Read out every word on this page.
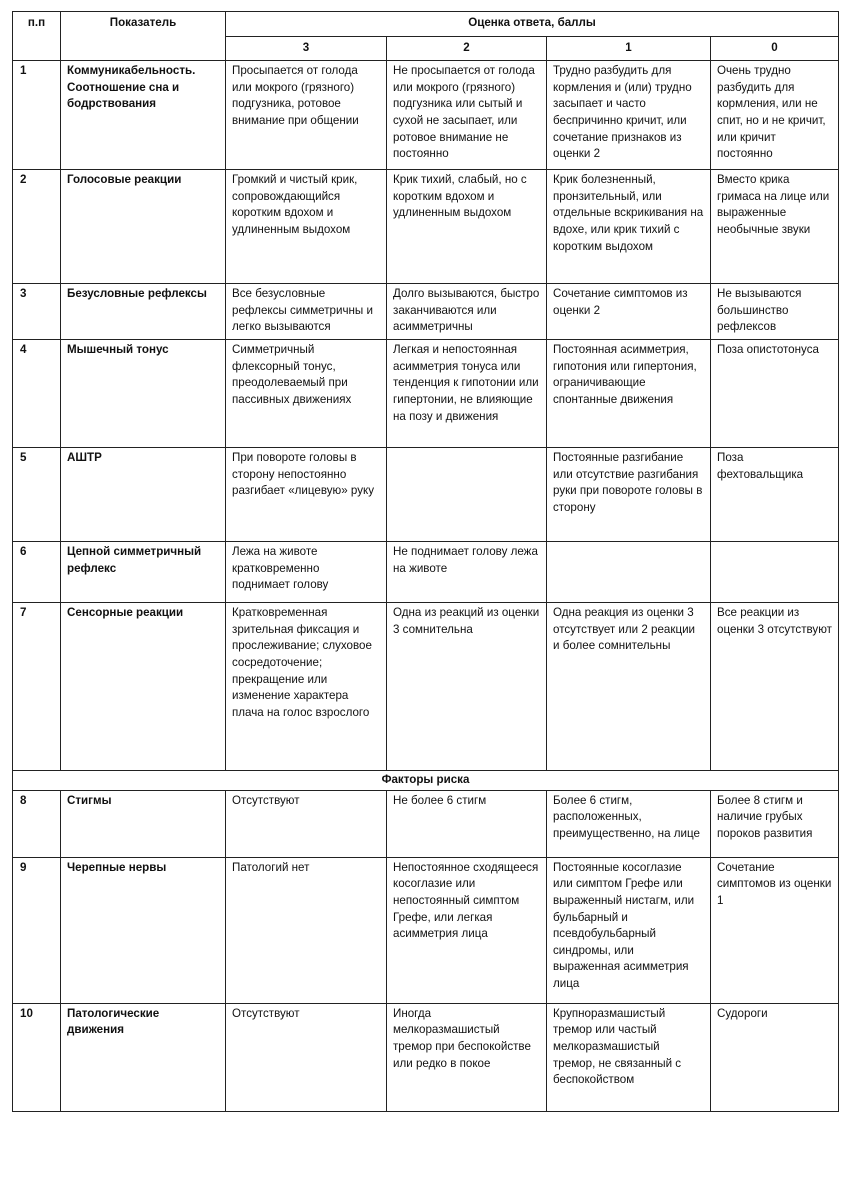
п.п	Показатель	Оценка ответа, баллы			
		3	2	1	0
1	Коммуникабельность. Соотношение сна и бодрствования	Просыпается от голода или мокрого (грязного) подгузника, ротовое внимание при общении	Не просыпается от голода или мокрого (грязного) подгузника или сытый и сухой не засыпает, или ротовое внимание не постоянно	Трудно разбудить для кормления и (или) трудно засыпает и часто беспричинно кричит, или сочетание признаков из оценки 2	Очень трудно разбудить для кормления, или не спит, но и не кричит, или кричит постоянно
2	Голосовые реакции	Громкий и чистый крик, сопровождающийся коротким вдохом и удлиненным выдохом	Крик тихий, слабый, но с коротким вдохом и удлиненным выдохом	Крик болезненный, пронзительный, или отдельные вскрикивания на вдохе, или крик тихий с коротким выдохом	Вместо крика гримаса на лице или выраженные необычные звуки
3	Безусловные рефлексы	Все безусловные рефлексы симметричны и легко вызываются	Долго вызываются, быстро заканчиваются или асимметричны	Сочетание симптомов из оценки 2	Не вызываются большинство рефлексов
4	Мышечный тонус	Симметричный флексорный тонус, преодолеваемый при пассивных движениях	Легкая и непостоянная асимметрия тонуса или тенденция к гипотонии или гипертонии, не влияющие на позу и движения	Постоянная асимметрия, гипотония или гипертония, ограничивающие спонтанные движения	Поза опистотонуса
5	АШТР	При повороте головы в сторону непостоянно разгибает «лицевую» руку		Постоянные разгибание или отсутствие разгибания руки при повороте головы в сторону	Поза фехтовальщика
6	Цепной симметричный рефлекс	Лежа на животе кратковременно поднимает голову	Не поднимает голову лежа на животе		
7	Сенсорные реакции	Кратковременная зрительная фиксация и прослеживание; слуховое сосредоточение; прекращение или изменение характера плача на голос взрослого	Одна из реакций из оценки 3 сомнительна	Одна реакция из оценки 3 отсутствует или 2 реакции и более сомнительны	Все реакции из оценки 3 отсутствуют
Факторы риска					
8	Стигмы	Отсутствуют	Не более 6 стигм	Более 6 стигм, расположенных, преимущественно, на лице	Более 8 стигм и наличие грубых пороков развития
9	Черепные нервы	Патологий нет	Непостоянное сходящееся косоглазие или непостоянный симптом Грефе, или легкая асимметрия лица	Постоянные косоглазие или симптом Грефе или выраженный нистагм, или бульбарный и псевдобульбарный синдромы, или выраженная асимметрия лица	Сочетание симптомов из оценки 1
10	Патологические движения	Отсутствуют	Иногда мелкоразмашистый тремор при беспокойстве или редко в покое	Крупноразмашистый тремор или частый мелкоразмашистый тремор, не связанный с беспокойством	Судороги
